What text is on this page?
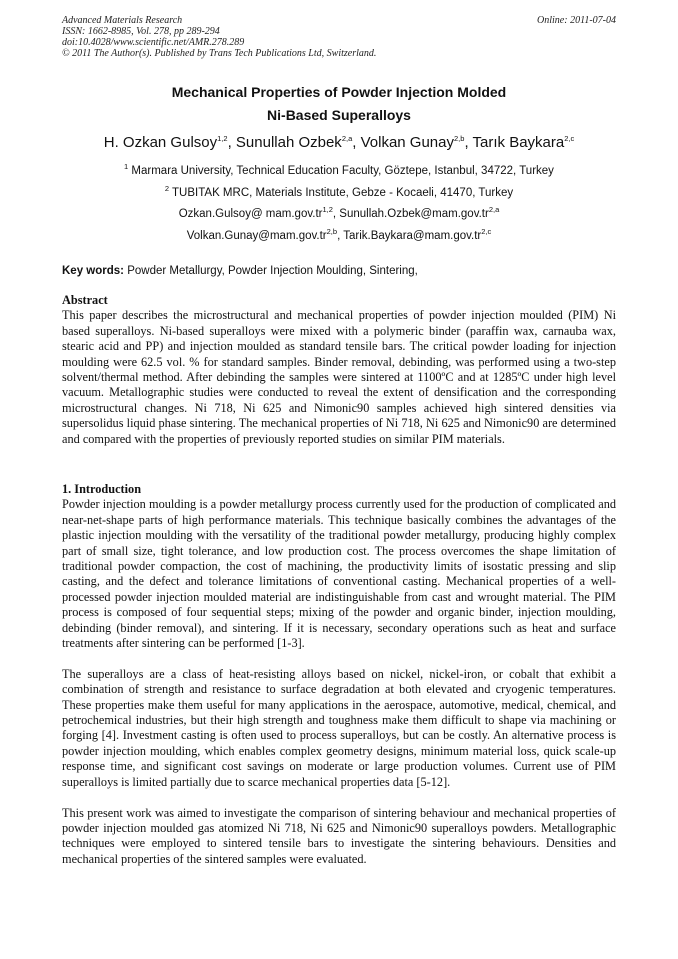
Advanced Materials Research
ISSN: 1662-8985, Vol. 278, pp 289-294
doi:10.4028/www.scientific.net/AMR.278.289
© 2011 The Author(s). Published by Trans Tech Publications Ltd, Switzerland.
Online: 2011-07-04
Mechanical Properties of Powder Injection Molded
Ni-Based Superalloys
H. Ozkan Gulsoy$^{1,2}$, Sunullah Ozbek$^{2,a}$, Volkan Gunay$^{2,b}$, Tarık Baykara$^{2,c}$
$^1$ Marmara University, Technical Education Faculty, Göztepe, Istanbul, 34722, Turkey
$^2$ TUBITAK MRC, Materials Institute, Gebze - Kocaeli, 41470, Turkey
Ozkan.Gulsoy@ mam.gov.tr$^{1,2}$, Sunullah.Ozbek@mam.gov.tr$^{2,a}$
Volkan.Gunay@mam.gov.tr$^{2,b}$, Tarik.Baykara@mam.gov.tr$^{2,c}$
Key words: Powder Metallurgy, Powder Injection Moulding, Sintering,
Abstract

This paper describes the microstructural and mechanical properties of powder injection moulded (PIM) Ni based superalloys. Ni-based superalloys were mixed with a polymeric binder (paraffin wax, carnauba wax, stearic acid and PP) and injection moulded as standard tensile bars. The critical powder loading for injection moulding were 62.5 vol. % for standard samples. Binder removal, debinding, was performed using a two-step solvent/thermal method. After debinding the samples were sintered at 1100ºC and at 1285ºC under high level vacuum. Metallographic studies were conducted to reveal the extent of densification and the corresponding microstructural changes. Ni 718, Ni 625 and Nimonic90 samples achieved high sintered densities via supersolidus liquid phase sintering. The mechanical properties of Ni 718, Ni 625 and Nimonic90 are determined and compared with the properties of previously reported studies on similar PIM materials.

1. Introduction

Powder injection moulding is a powder metallurgy process currently used for the production of complicated and near-net-shape parts of high performance materials. This technique basically combines the advantages of the plastic injection moulding with the versatility of the traditional powder metallurgy, producing highly complex part of small size, tight tolerance, and low production cost. The process overcomes the shape limitation of traditional powder compaction, the cost of machining, the productivity limits of isostatic pressing and slip casting, and the defect and tolerance limitations of conventional casting. Mechanical properties of a well-processed powder injection moulded material are indistinguishable from cast and wrought material. The PIM process is composed of four sequential steps; mixing of the powder and organic binder, injection moulding, debinding (binder removal), and sintering. If it is necessary, secondary operations such as heat and surface treatments after sintering can be performed [1-3].

The superalloys are a class of heat-resisting alloys based on nickel, nickel-iron, or cobalt that exhibit a combination of strength and resistance to surface degradation at both elevated and cryogenic temperatures. These properties make them useful for many applications in the aerospace, automotive, medical, chemical, and petrochemical industries, but their high strength and toughness make them difficult to shape via machining or forging [4]. Investment casting is often used to process superalloys, but can be costly. An alternative process is powder injection moulding, which enables complex geometry designs, minimum material loss, quick scale-up response time, and significant cost savings on moderate or large production volumes. Current use of PIM superalloys is limited partially due to scarce mechanical properties data [5-12].

This present work was aimed to investigate the comparison of sintering behaviour and mechanical properties of powder injection moulded gas atomized Ni 718, Ni 625 and Nimonic90 superalloys powders. Metallographic techniques were employed to sintered tensile bars to investigate the sintering behaviours. Densities and mechanical properties of the sintered samples were evaluated.
